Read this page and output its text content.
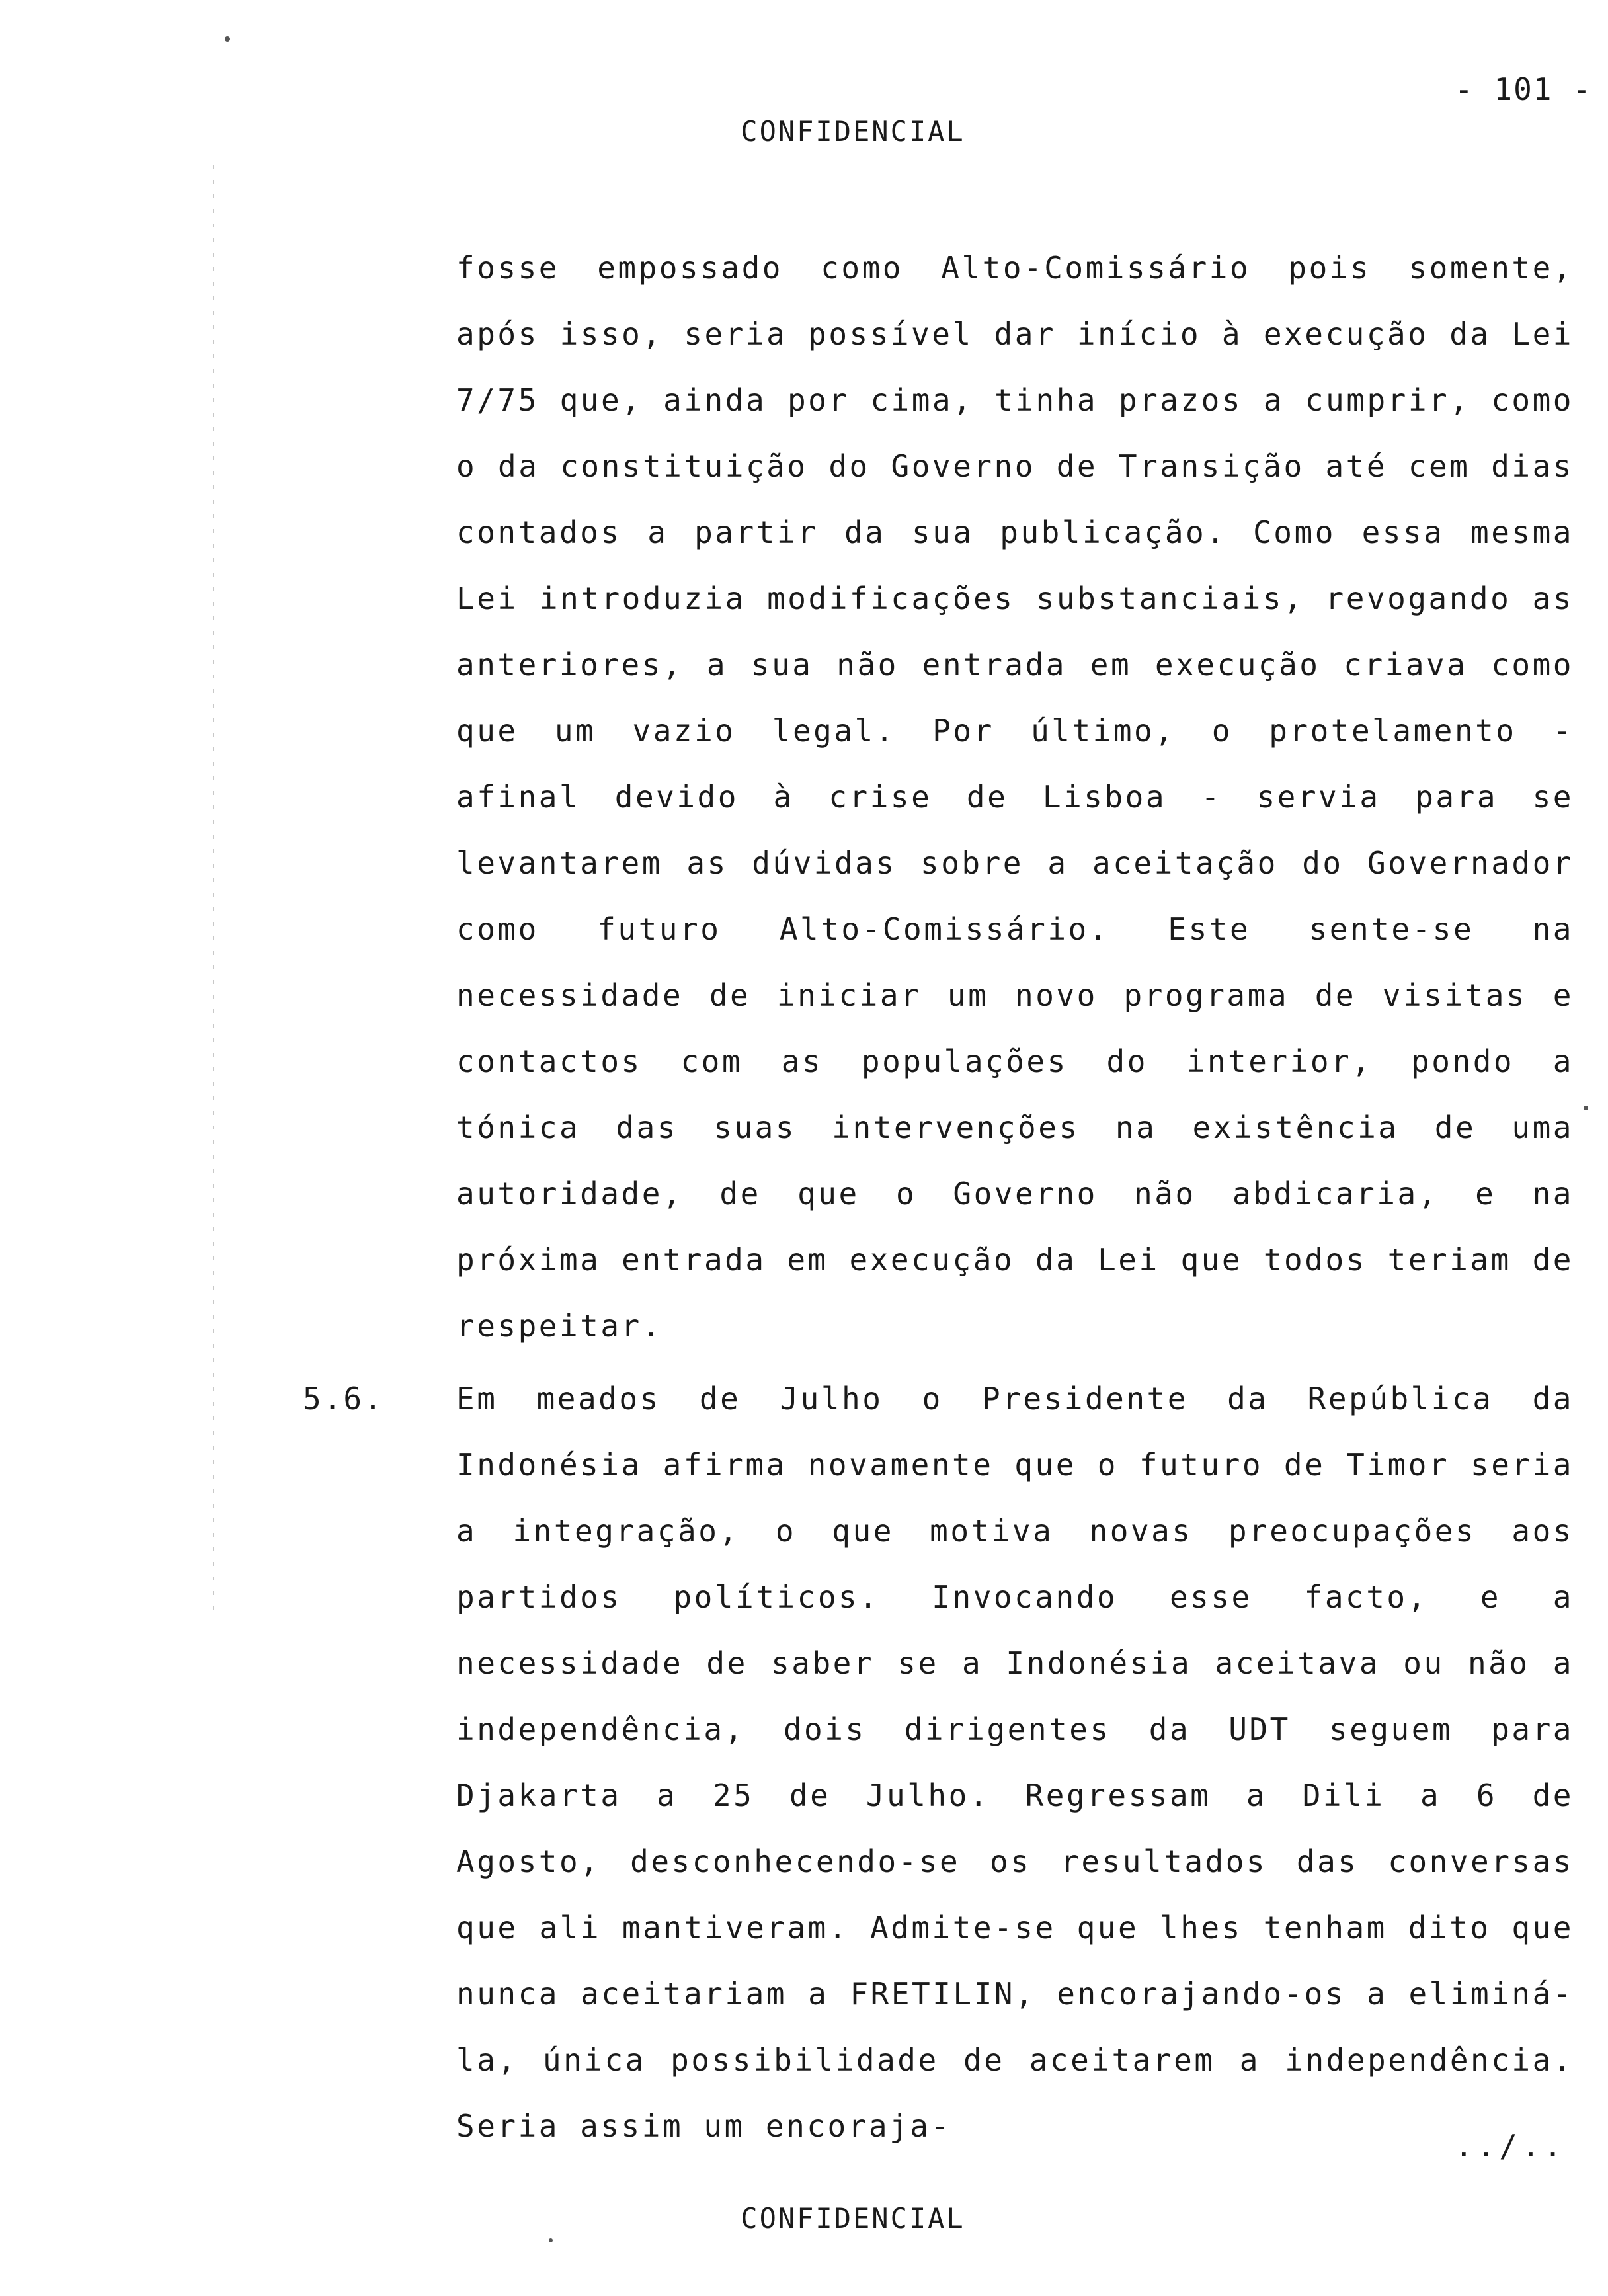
- 101 -
CONFIDENCIAL

fosse empossado como Alto-Comissário pois somente, após isso, seria possível dar início à execução da Lei 7/75 que, ainda por cima, tinha prazos a cumprir, como o da constituição do Governo de Transição até cem dias contados a partir da sua publicação. Como essa mesma Lei introduzia modificações substanciais, revogando as anteriores, a sua não entrada em execução criava como que um vazio legal. Por último, o protelamento - afinal devido à crise de Lisboa - servia para se levantarem as dúvidas sobre a aceitação do Governador como futuro Alto-Comissário. Este sente-se na necessidade de iniciar um novo programa de visitas e contactos com as populações do interior, pondo a tónica das suas intervenções na existência de uma autoridade, de que o Governo não abdicaria, e na próxima entrada em execução da Lei que todos teriam de respeitar.

5.6. Em meados de Julho o Presidente da República da Indonésia afirma novamente que o futuro de Timor seria a integração, o que motiva novas preocupações aos partidos políticos. Invocando esse facto, e a necessidade de saber se a Indonésia aceitava ou não a independência, dois dirigentes da UDT seguem para Djakarta a 25 de Julho. Regressam a Dili a 6 de Agosto, desconhecendo-se os resultados das conversas que ali mantiveram. Admite-se que lhes tenham dito que nunca aceitariam a FRETILIN, encorajando-os a eliminá-la, única possibilidade de aceitarem a independência. Seria assim um encoraja-

../..
CONFIDENCIAL
